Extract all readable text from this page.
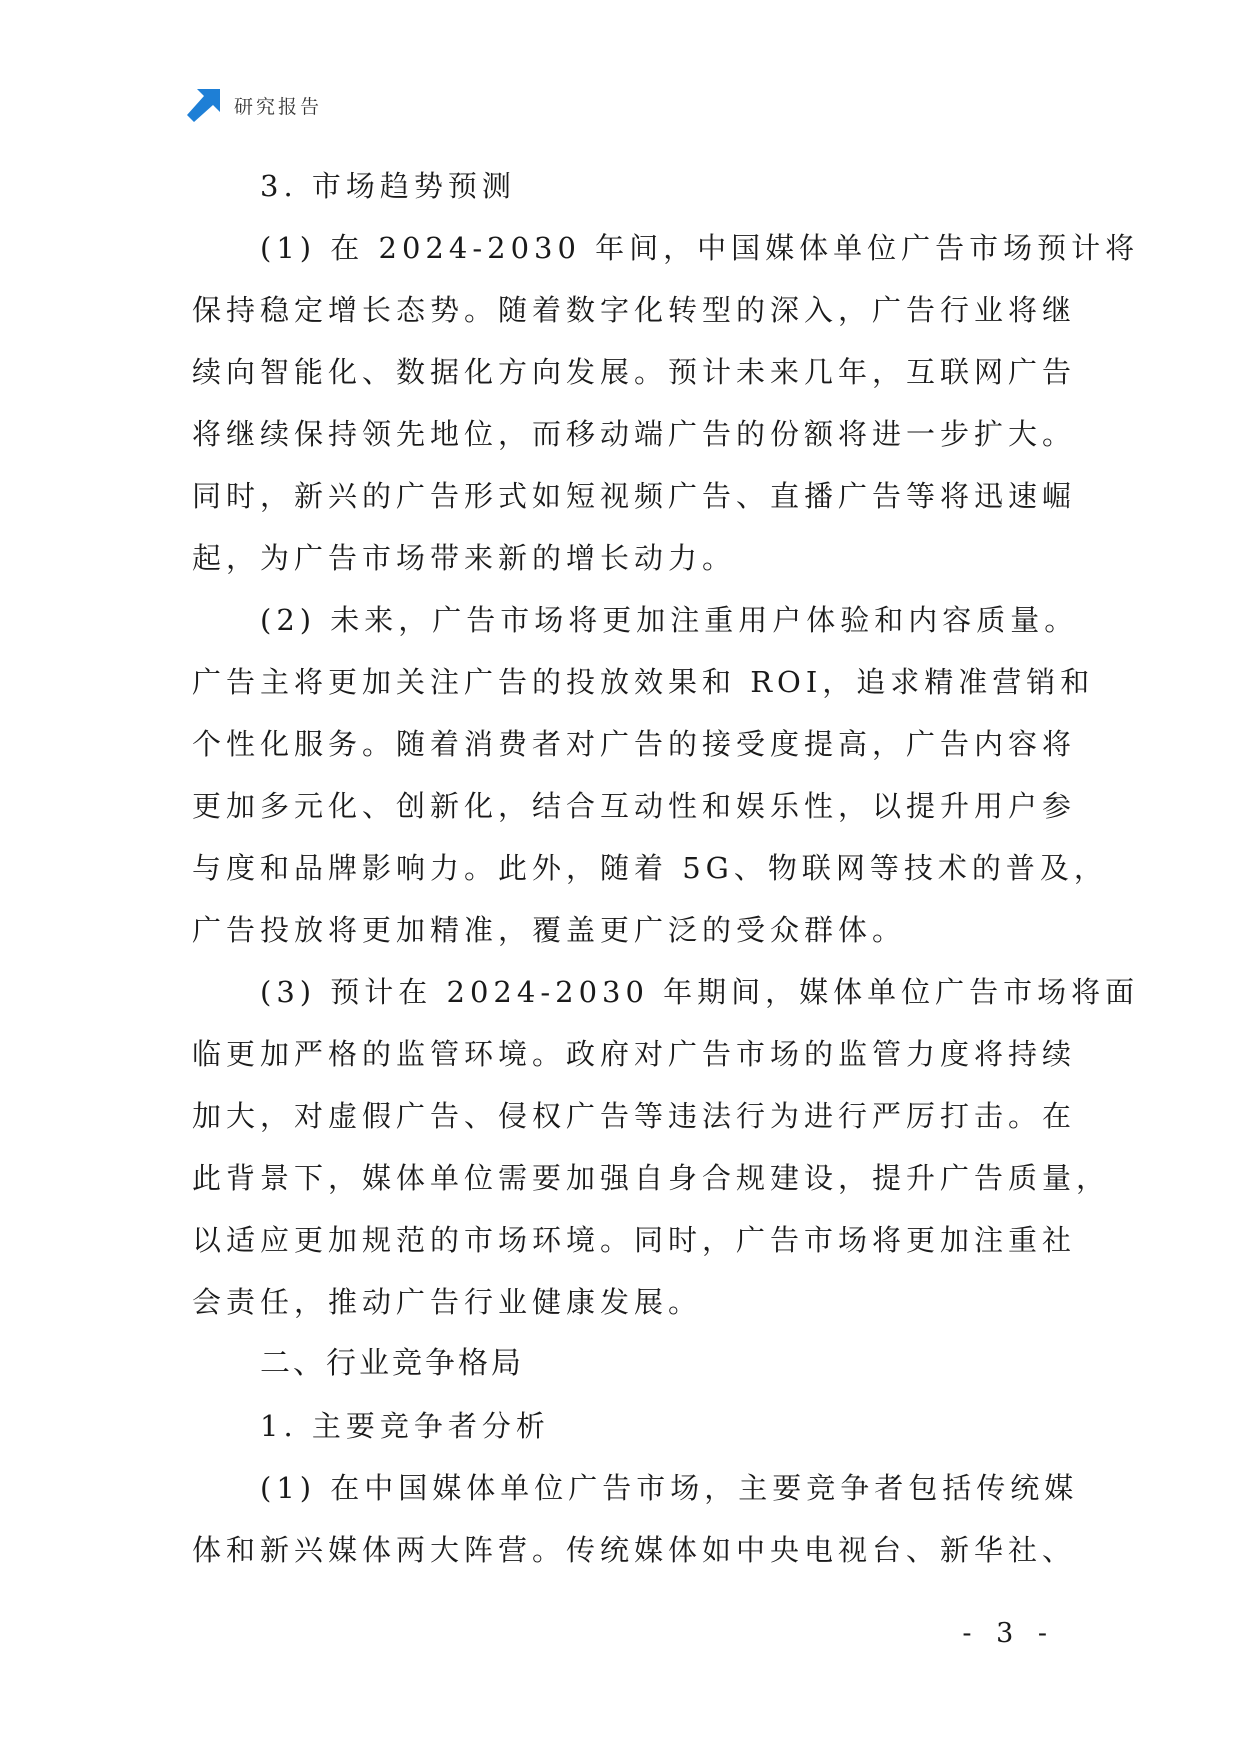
研究报告
3. 市场趋势预测
(1) 在 2024-2030 年间，中国媒体单位广告市场预计将
保持稳定增长态势。随着数字化转型的深入，广告行业将继
续向智能化、数据化方向发展。预计未来几年，互联网广告
将继续保持领先地位，而移动端广告的份额将进一步扩大。
同时，新兴的广告形式如短视频广告、直播广告等将迅速崛
起，为广告市场带来新的增长动力。
(2) 未来，广告市场将更加注重用户体验和内容质量。
广告主将更加关注广告的投放效果和 ROI，追求精准营销和
个性化服务。随着消费者对广告的接受度提高，广告内容将
更加多元化、创新化，结合互动性和娱乐性，以提升用户参
与度和品牌影响力。此外，随着 5G、物联网等技术的普及，
广告投放将更加精准，覆盖更广泛的受众群体。
(3) 预计在 2024-2030 年期间，媒体单位广告市场将面
临更加严格的监管环境。政府对广告市场的监管力度将持续
加大，对虚假广告、侵权广告等违法行为进行严厉打击。在
此背景下，媒体单位需要加强自身合规建设，提升广告质量，
以适应更加规范的市场环境。同时，广告市场将更加注重社
会责任，推动广告行业健康发展。
二、行业竞争格局
1. 主要竞争者分析
(1) 在中国媒体单位广告市场，主要竞争者包括传统媒
体和新兴媒体两大阵营。传统媒体如中央电视台、新华社、
- 3 -
